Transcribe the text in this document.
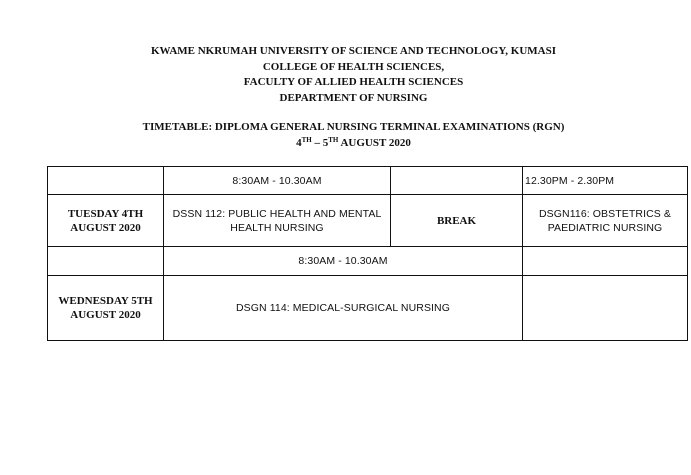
KWAME NKRUMAH UNIVERSITY OF SCIENCE AND TECHNOLOGY, KUMASI
COLLEGE OF HEALTH SCIENCES,
FACULTY OF ALLIED HEALTH SCIENCES
DEPARTMENT OF NURSING
TIMETABLE: DIPLOMA GENERAL NURSING TERMINAL EXAMINATIONS (RGN)
4TH – 5TH AUGUST 2020
	8:30AM - 10.30AM		12.30PM - 2.30PM
TUESDAY 4TH AUGUST 2020	DSSN 112: PUBLIC HEALTH AND MENTAL HEALTH NURSING	BREAK	DSGN116: OBSTETRICS & PAEDIATRIC NURSING
	8:30AM - 10.30AM		
WEDNESDAY 5TH AUGUST 2020	DSGN 114: MEDICAL-SURGICAL NURSING		
